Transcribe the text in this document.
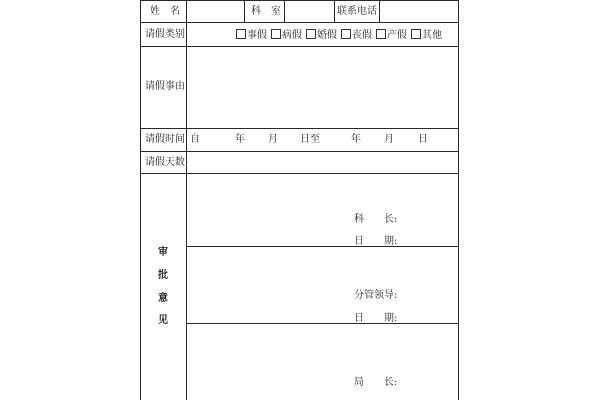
姓　名	科　室	联系电话
请假类别	事假 病假 婚假 丧假 产假 其他
请假事由
请假时间 自	年 月 日至	年 月 日
请假天数
审
批
意
见
科　　长:
日　　期:
分管领导:
日　　期:
局　　长:
